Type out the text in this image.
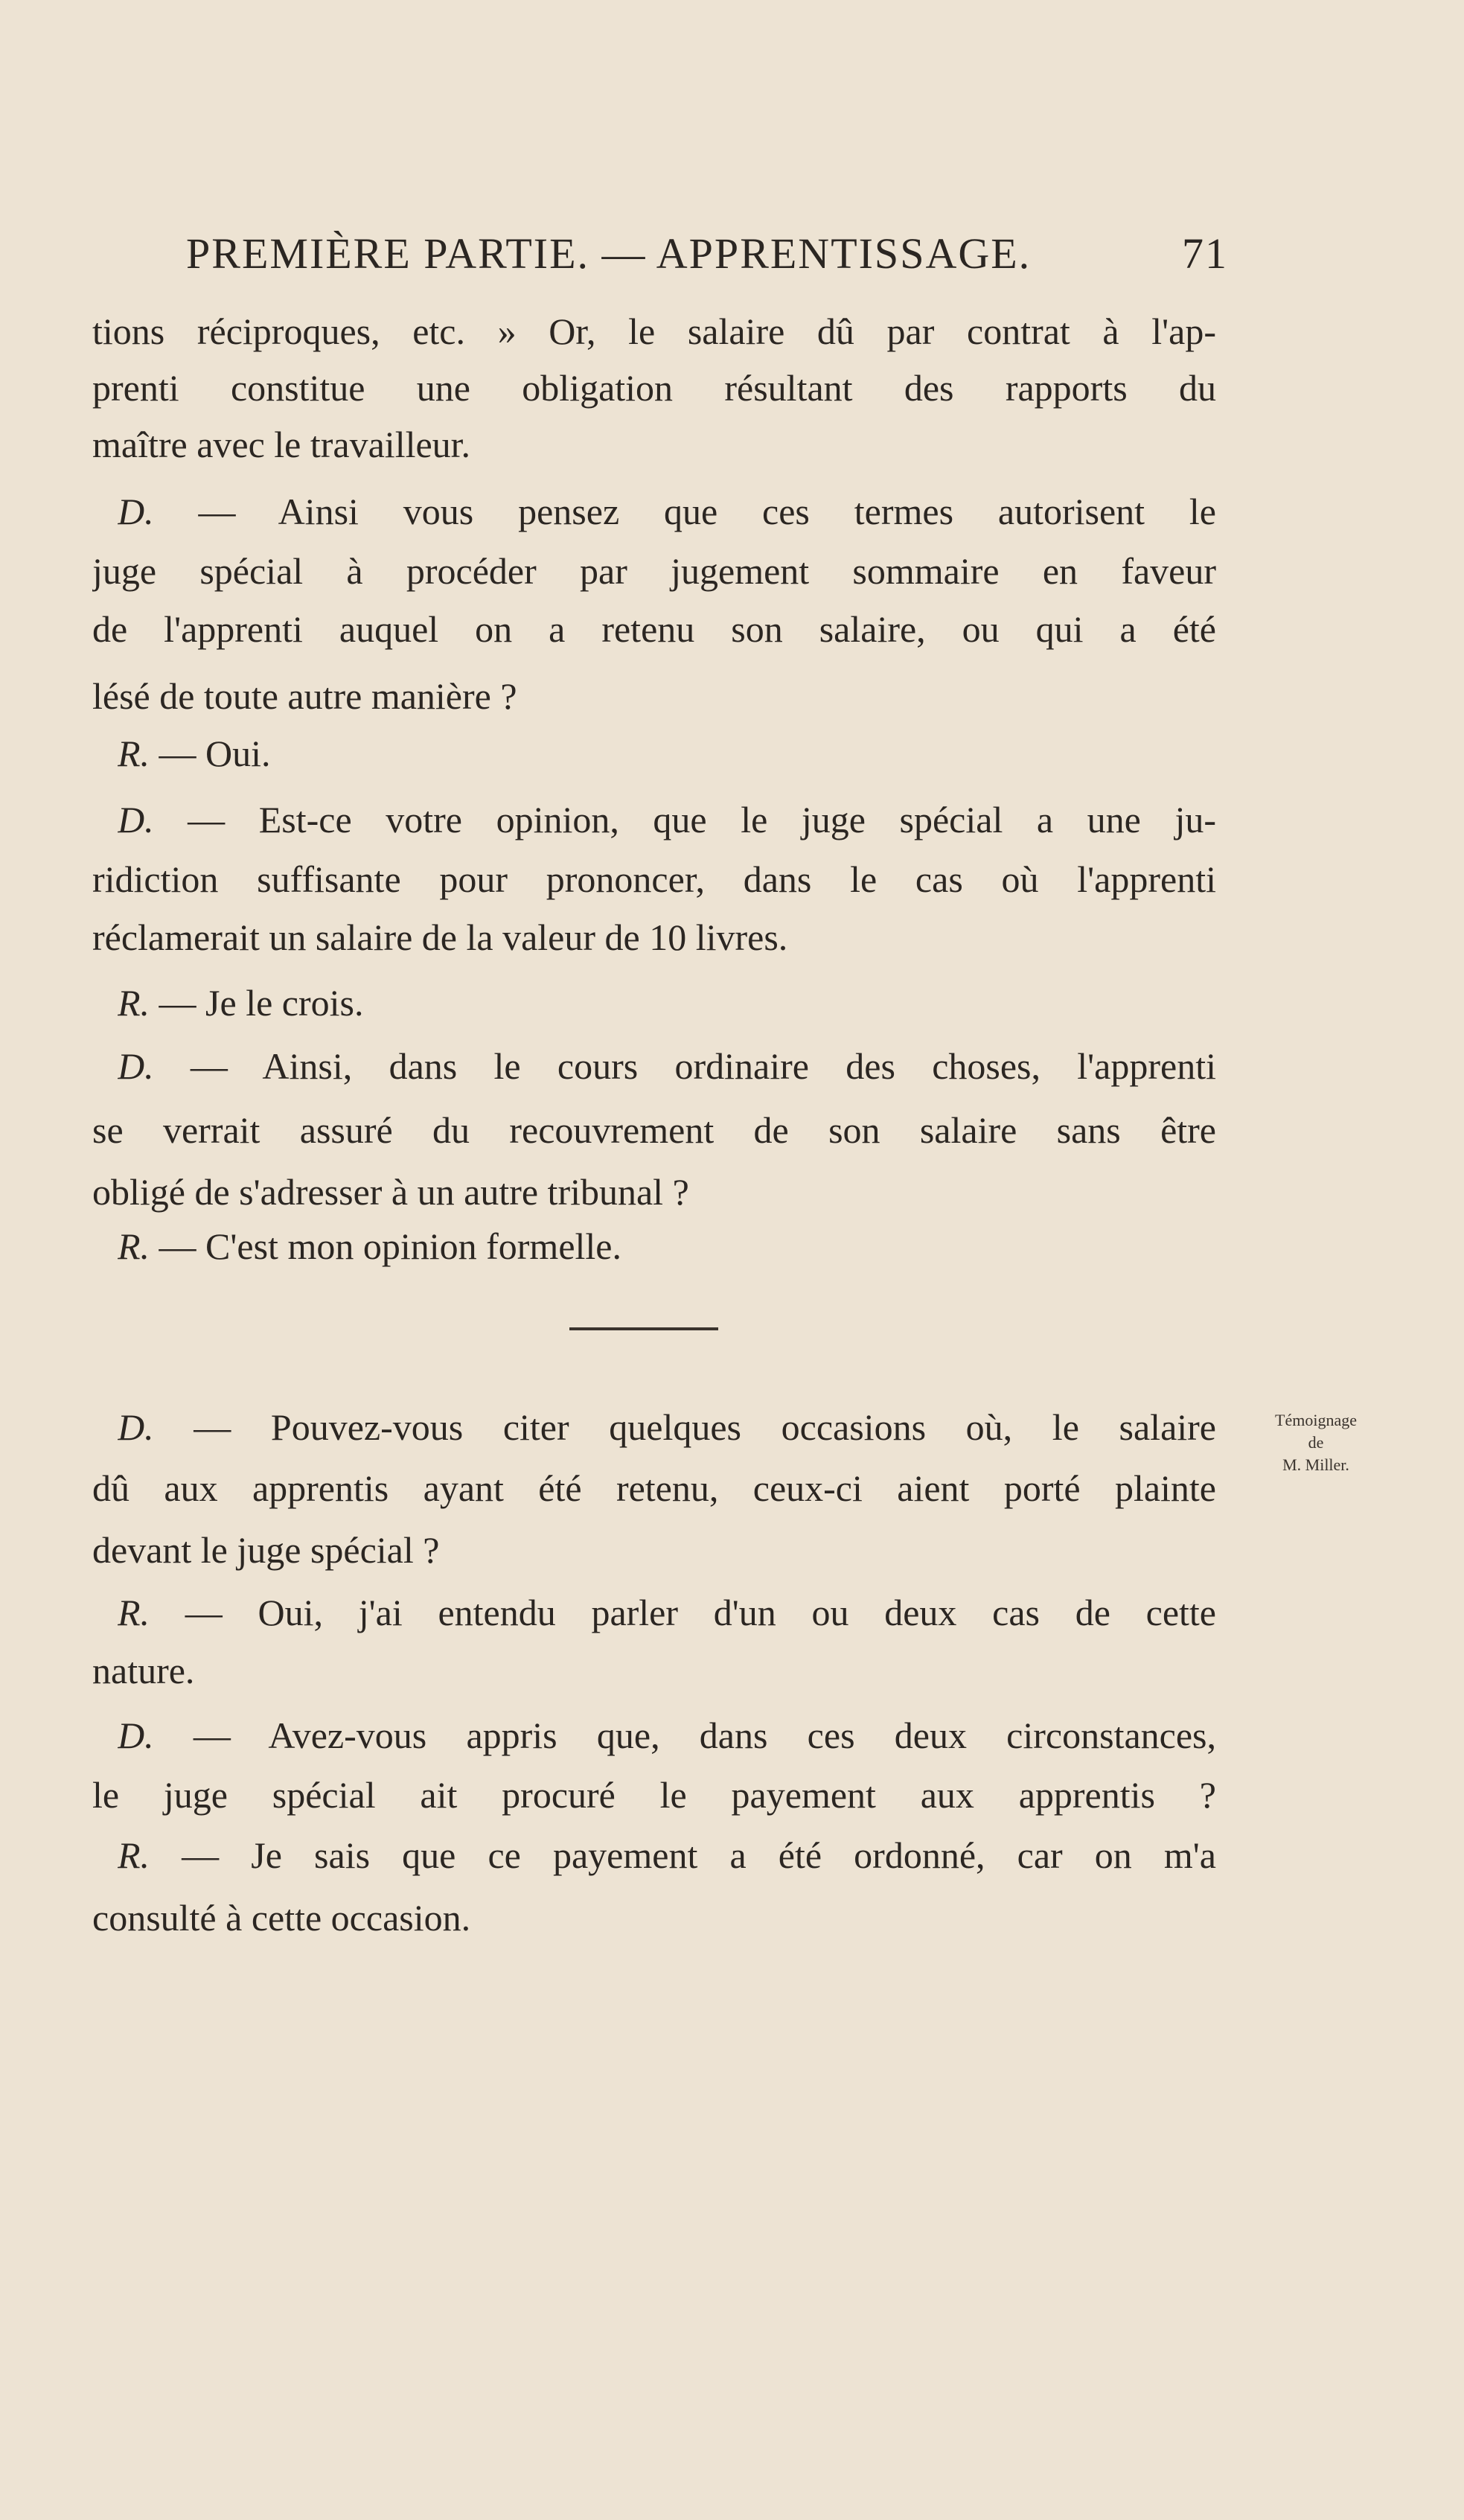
PREMIÈRE PARTIE. — APPRENTISSAGE.	71
tions réciproques, etc. » Or, le salaire dû par contrat à l'ap-
prenti constitue une obligation résultant des rapports du
maître avec le travailleur.
D. — Ainsi vous pensez que ces termes autorisent le
juge spécial à procéder par jugement sommaire en faveur
de l'apprenti auquel on a retenu son salaire, ou qui a été
lésé de toute autre manière ?
R. — Oui.
D. — Est-ce votre opinion, que le juge spécial a une ju-
ridiction suffisante pour prononcer, dans le cas où l'apprenti
réclamerait un salaire de la valeur de 10 livres.
R. — Je le crois.
D. — Ainsi, dans le cours ordinaire des choses, l'apprenti
se verrait assuré du recouvrement de son salaire sans être
obligé de s'adresser à un autre tribunal ?
R. — C'est mon opinion formelle.
D. — Pouvez-vous citer quelques occasions où, le salaire
dû aux apprentis ayant été retenu, ceux-ci aient porté plainte
devant le juge spécial ?
R. — Oui, j'ai entendu parler d'un ou deux cas de cette
nature.
D. — Avez-vous appris que, dans ces deux circonstances,
le juge spécial ait procuré le payement aux apprentis ?
R. — Je sais que ce payement a été ordonné, car on m'a
consulté à cette occasion.
Témoignage
de
M. Miller.
